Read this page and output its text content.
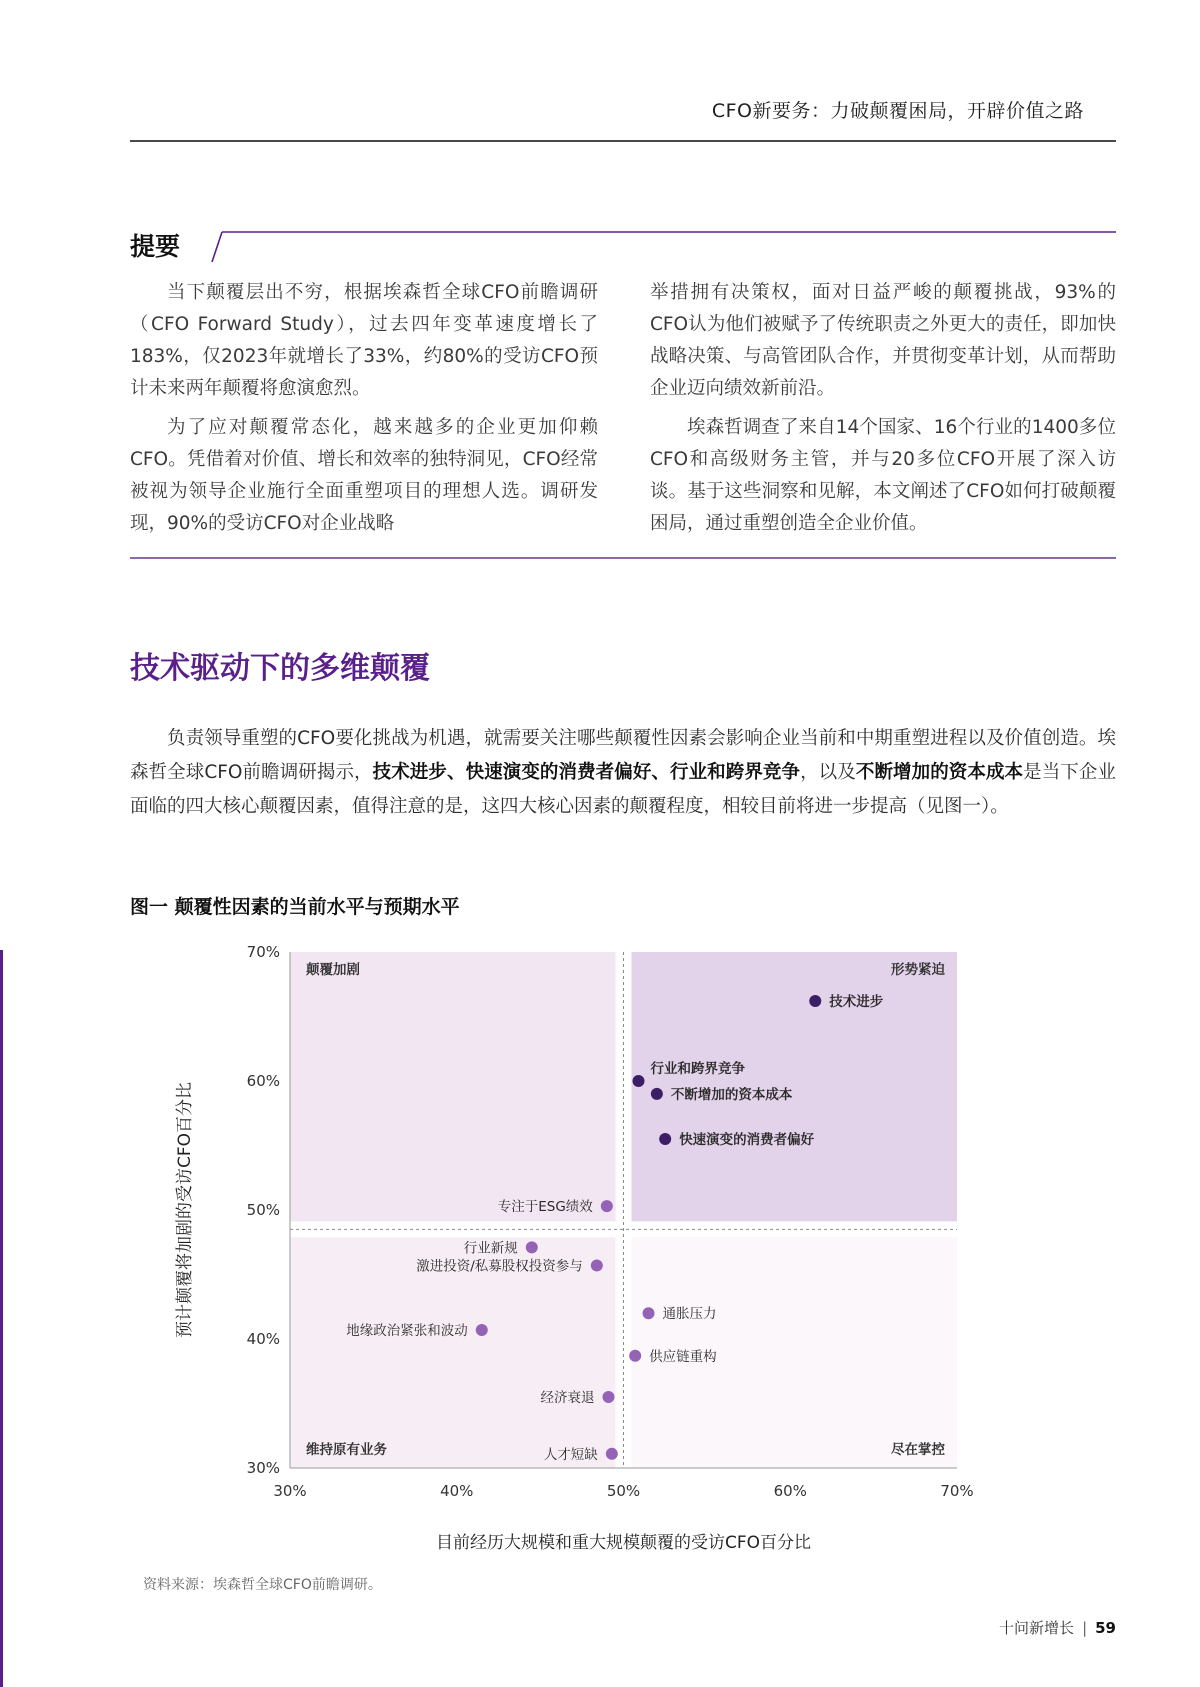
CFO新要务：力破颠覆困局，开辟价值之路
提要

当下颠覆层出不穷，根据埃森哲全球CFO前瞻调研（CFO Forward Study），过去四年变革速度增长了183%，仅2023年就增长了33%，约80%的受访CFO预计未来两年颠覆将愈演愈烈。

为了应对颠覆常态化，越来越多的企业更加仰赖CFO。凭借着对价值、增长和效率的独特洞见，CFO经常被视为领导企业施行全面重塑项目的理想人选。调研发现，90%的受访CFO对企业战略

举措拥有决策权，面对日益严峻的颠覆挑战，93%的CFO认为他们被赋予了传统职责之外更大的责任，即加快战略决策、与高管团队合作，并贯彻变革计划，从而帮助企业迈向绩效新前沿。

埃森哲调查了来自14个国家、16个行业的1400多位CFO和高级财务主管，并与20多位CFO开展了深入访谈。基于这些洞察和见解，本文阐述了CFO如何打破颠覆困局，通过重塑创造全企业价值。

技术驱动下的多维颠覆
负责领导重塑的CFO要化挑战为机遇，就需要关注哪些颠覆性因素会影响企业当前和中期重塑进程以及价值创造。埃森哲全球CFO前瞻调研揭示，技术进步、快速演变的消费者偏好、行业和跨界竞争，以及不断增加的资本成本是当下企业面临的四大核心颠覆因素，值得注意的是，这四大核心因素的颠覆程度，相较目前将进一步提高（见图一）。
图一 颠覆性因素的当前水平与预期水平
30%
30%
40%
40%
50%
50%
60%
60%
70%
70%
颠覆加剧	形势紧迫
维持原有业务	尽在掌控
技术进步
行业和跨界竞争
不断增加的资本成本
快速演变的消费者偏好
专注于ESG绩效
行业新规
激进投资/私募股权投资参与
通胀压力
地缘政治紧张和波动
供应链重构
经济衰退
人才短缺
目前经历大规模和重大规模颠覆的受访CFO百分比
预计颠覆将加剧的受访CFO百分比
资料来源：埃森哲全球CFO前瞻调研。
十问新增长 | 59
